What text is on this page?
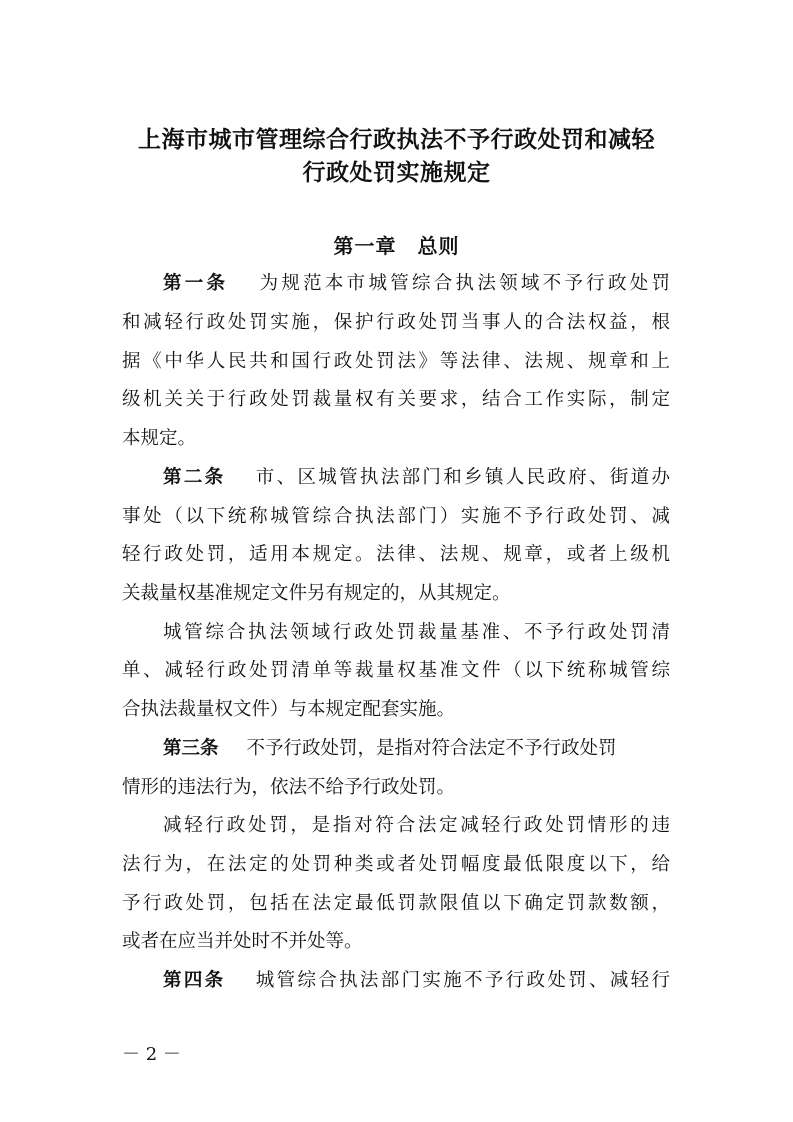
上海市城市管理综合行政执法不予行政处罚和减轻
行政处罚实施规定
第一章　总则
第一条 为规范本市城管综合执法领域不予行政处罚
和减轻行政处罚实施，保护行政处罚当事人的合法权益，根
据《中华人民共和国行政处罚法》等法律、法规、规章和上
级机关关于行政处罚裁量权有关要求，结合工作实际，制定
本规定。
第二条 市、区城管执法部门和乡镇人民政府、街道办
事处（以下统称城管综合执法部门）实施不予行政处罚、减
轻行政处罚，适用本规定。法律、法规、规章，或者上级机
关裁量权基准规定文件另有规定的，从其规定。
城管综合执法领域行政处罚裁量基准、不予行政处罚清
单、减轻行政处罚清单等裁量权基准文件（以下统称城管综
合执法裁量权文件）与本规定配套实施。
第三条 不予行政处罚，是指对符合法定不予行政处罚
情形的违法行为，依法不给予行政处罚。
减轻行政处罚，是指对符合法定减轻行政处罚情形的违
法行为，在法定的处罚种类或者处罚幅度最低限度以下，给
予行政处罚，包括在法定最低罚款限值以下确定罚款数额，
或者在应当并处时不并处等。
第四条 城管综合执法部门实施不予行政处罚、减轻行
－ 2 －
